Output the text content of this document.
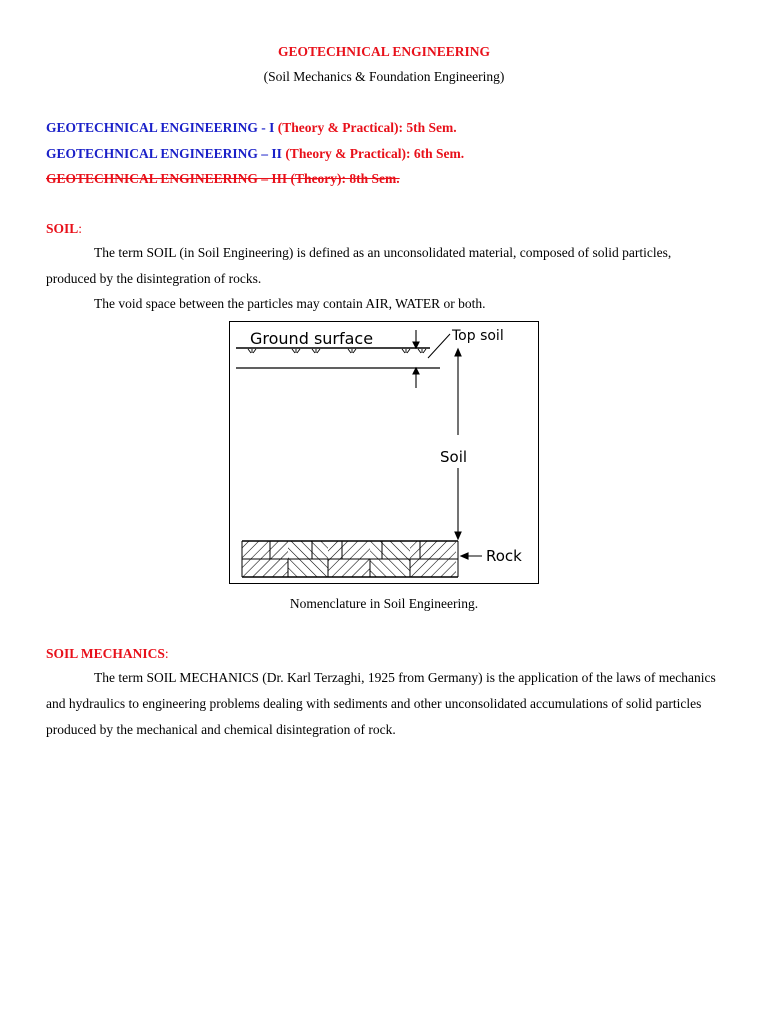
GEOTECHNICAL ENGINEERING
(Soil Mechanics & Foundation Engineering)
GEOTECHNICAL ENGINEERING - I (Theory & Practical): 5th Sem.
GEOTECHNICAL ENGINEERING – II (Theory & Practical): 6th Sem.
GEOTECHNICAL ENGINEERING – III (Theory): 8th Sem.
SOIL:
The term SOIL (in Soil Engineering) is defined as an unconsolidated material, composed of solid particles, produced by the disintegration of rocks.
The void space between the particles may contain AIR, WATER or both.
Ground surface	Top soil
Soil
Rock
Nomenclature in Soil Engineering.
SOIL MECHANICS:
The term SOIL MECHANICS (Dr. Karl Terzaghi, 1925 from Germany) is the application of the laws of mechanics and hydraulics to engineering problems dealing with sediments and other unconsolidated accumulations of solid particles produced by the mechanical and chemical disintegration of rock.
